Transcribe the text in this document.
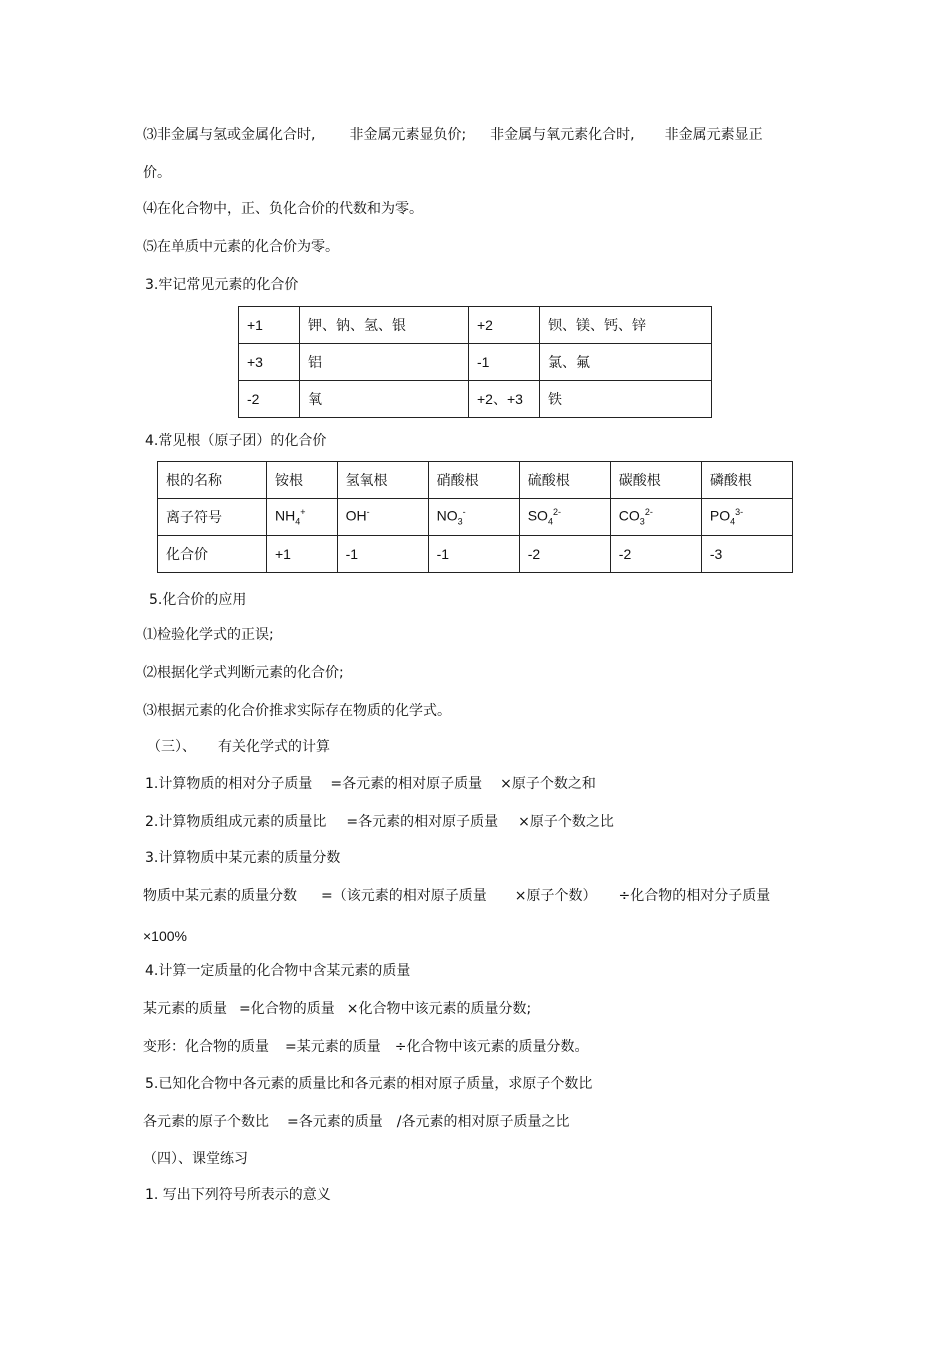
⑶非金属与氢或金属化合时, 非金属元素显负价; 非金属与氧元素化合时, 非金属元素显正
价。
⑷在化合物中，正、负化合价的代数和为零。
⑸在单质中元素的化合价为零。
3.牢记常见元素的化合价
+1	钾、钠、氢、银	+2	钡、镁、钙、锌
+3	铝	-1	氯、氟
-2	氧	+2、+3	铁
4.常见根（原子团）的化合价
根的名称	铵根	氢氧根	硝酸根	硫酸根	碳酸根	磷酸根
离子符号	$NH_4^+$	OH-	$NO_3^-$	$SO_4^{2-}$	$CO_3^{2-}$	$PO_4^{3-}$
化合价	+1	-1	-1	-2	-2	-3
5.化合价的应用
⑴检验化学式的正误;
⑵根据化学式判断元素的化合价;
⑶根据元素的化合价推求实际存在物质的化学式。
（三）、 有关化学式的计算
1.计算物质的相对分子质量 =各元素的相对原子质量 ×原子个数之和
2.计算物质组成元素的质量比 =各元素的相对原子质量 ×原子个数之比
3.计算物质中某元素的质量分数
物质中某元素的质量分数 =（该元素的相对原子质量 ×原子个数） ÷化合物的相对分子质量
×100%
4.计算一定质量的化合物中含某元素的质量
某元素的质量 =化合物的质量 ×化合物中该元素的质量分数;
变形：化合物的质量 =某元素的质量 ÷化合物中该元素的质量分数。
5.已知化合物中各元素的质量比和各元素的相对原子质量，求原子个数比
各元素的原子个数比 =各元素的质量 /各元素的相对原子质量之比
（四）、课堂练习
1. 写出下列符号所表示的意义
